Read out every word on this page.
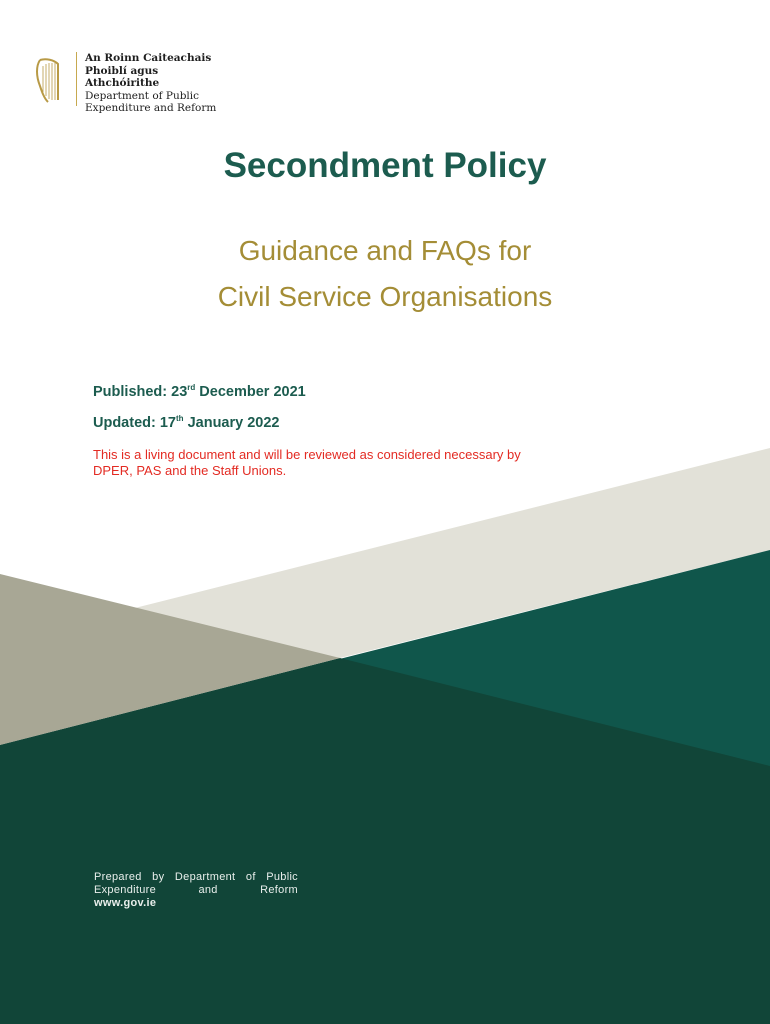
An Roinn Caiteachais
Phoiblí agus Athchóirithe
Department of Public
Expenditure and Reform
Secondment Policy
Guidance and FAQs for
Civil Service Organisations
Published: 23rd December 2021
Updated: 17th January 2022
This is a living document and will be reviewed as considered necessary by DPER, PAS and the Staff Unions.
Prepared by Department of Public
Expenditure and Reform
www.gov.ie
